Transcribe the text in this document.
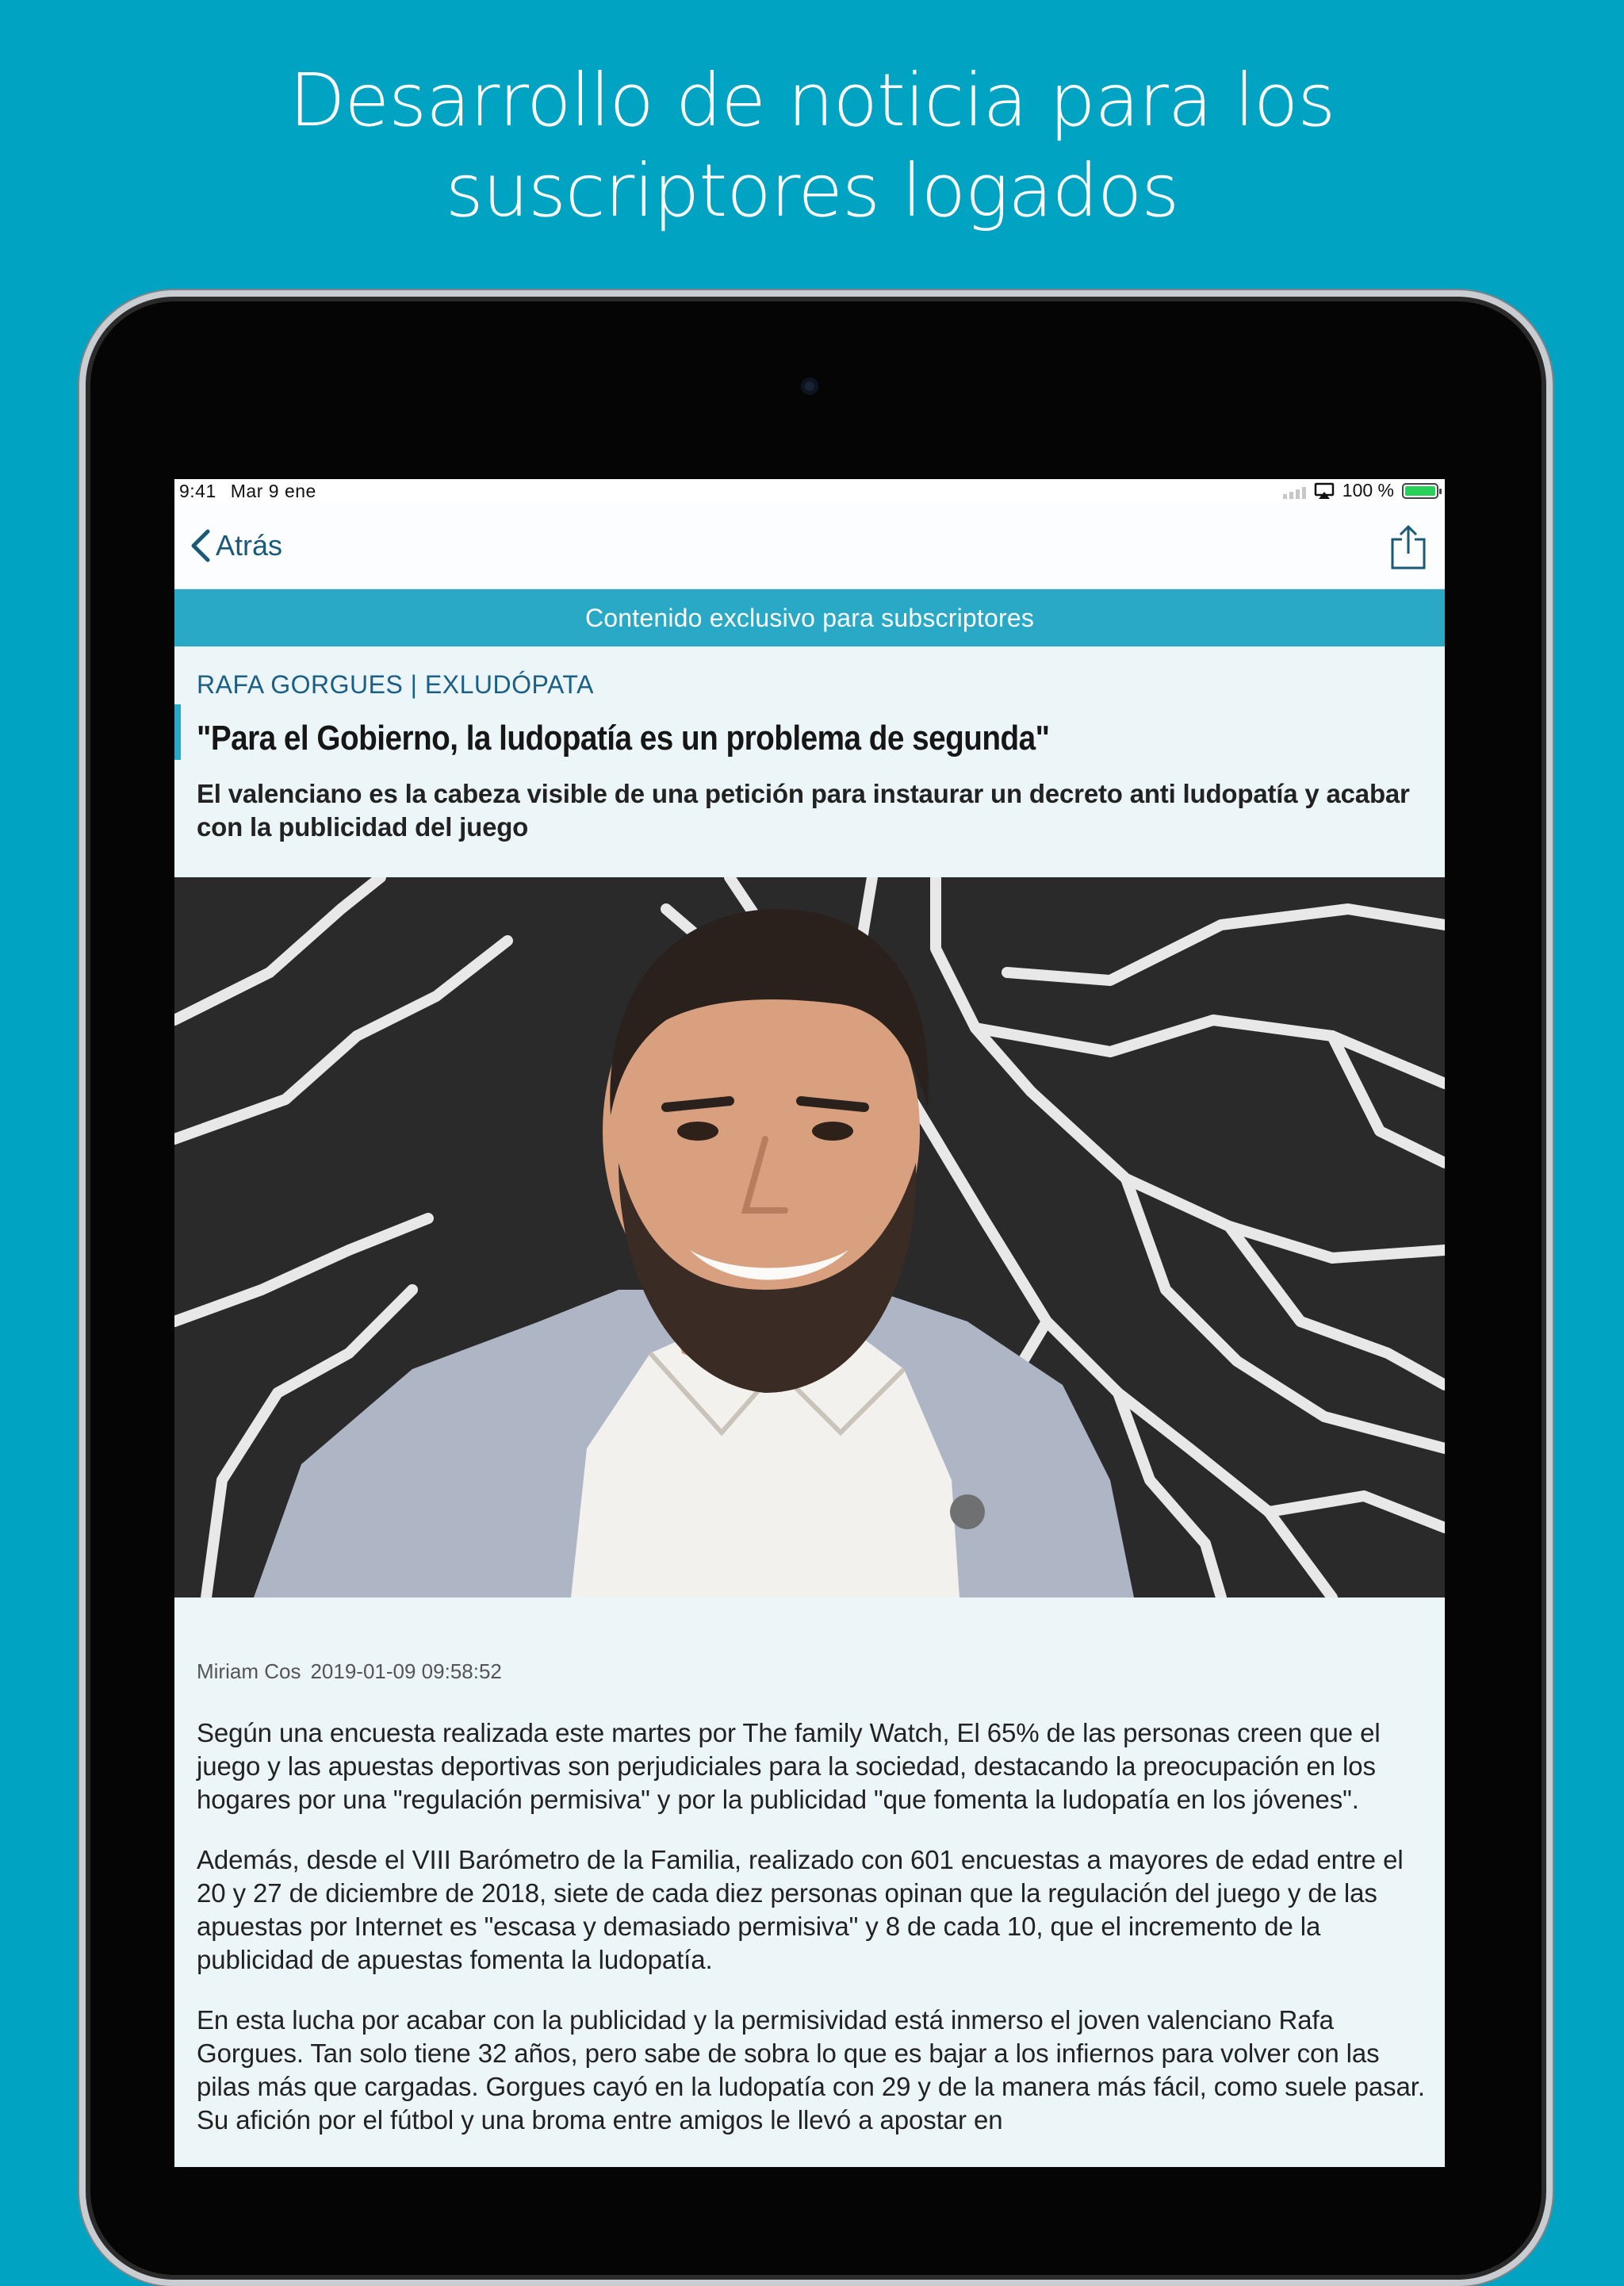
Desarrollo de noticia para los
suscriptores logados
9:41 Mar 9 ene	100 %
Atrás
Contenido exclusivo para subscriptores
RAFA GORGUES | EXLUDÓPATA
"Para el Gobierno, la ludopatía es un problema de segunda"
El valenciano es la cabeza visible de una petición para instaurar un decreto anti ludopatía y acabar con la publicidad del juego
Miriam Cos 2019-01-09 09:58:52

Según una encuesta realizada este martes por The family Watch, El 65% de las personas creen que el juego y las apuestas deportivas son perjudiciales para la sociedad, destacando la preocupación en los hogares por una "regulación permisiva" y por la publicidad "que fomenta la ludopatía en los jóvenes".

Además, desde el VIII Barómetro de la Familia, realizado con 601 encuestas a mayores de edad entre el 20 y 27 de diciembre de 2018, siete de cada diez personas opinan que la regulación del juego y de las apuestas por Internet es "escasa y demasiado permisiva" y 8 de cada 10, que el incremento de la publicidad de apuestas fomenta la ludopatía.

En esta lucha por acabar con la publicidad y la permisividad está inmerso el joven valenciano Rafa Gorgues. Tan solo tiene 32 años, pero sabe de sobra lo que es bajar a los infiernos para volver con las pilas más que cargadas. Gorgues cayó en la ludopatía con 29 y de la manera más fácil, como suele pasar. Su afición por el fútbol y una broma entre amigos le llevó a apostar en
